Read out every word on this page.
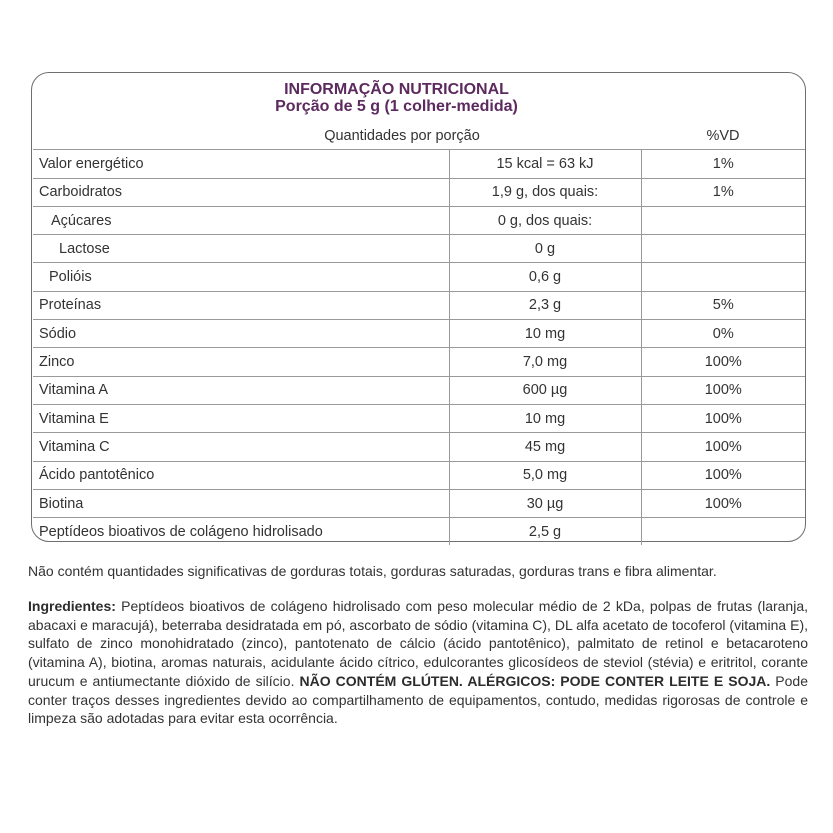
INFORMAÇÃO NUTRICIONAL
Porção de 5 g (1 colher-medida)
Quantidades por porção		%VD
Valor energético	15 kcal = 63 kJ	1%
Carboidratos	1,9 g, dos quais:	1%
Açúcares	0 g, dos quais:	
Lactose	0 g	
Polióis	0,6 g	
Proteínas	2,3 g	5%
Sódio	10 mg	0%
Zinco	7,0 mg	100%
Vitamina A	600 µg	100%
Vitamina E	10 mg	100%
Vitamina C	45 mg	100%
Ácido pantotênico	5,0 mg	100%
Biotina	30 µg	100%
Peptídeos bioativos de colágeno hidrolisado	2,5 g	
Não contém quantidades significativas de gorduras totais, gorduras saturadas, gorduras trans e fibra alimentar.
Ingredientes: Peptídeos bioativos de colágeno hidrolisado com peso molecular médio de 2 kDa, polpas de frutas (laranja, abacaxi e maracujá), beterraba desidratada em pó, ascorbato de sódio (vitamina C), DL alfa acetato de tocoferol (vitamina E), sulfato de zinco monohidratado (zinco), pantotenato de cálcio (ácido pantotênico), palmitato de retinol e betacaroteno (vitamina A), biotina, aromas naturais, acidulante ácido cítrico, edulcorantes glicosídeos de steviol (stévia) e eritritol, corante urucum e antiumectante dióxido de silício. NÃO CONTÉM GLÚTEN. ALÉRGICOS: PODE CONTER LEITE E SOJA. Pode conter traços desses ingredientes devido ao compartilhamento de equipamentos, contudo, medidas rigorosas de controle e limpeza são adotadas para evitar esta ocorrência.
